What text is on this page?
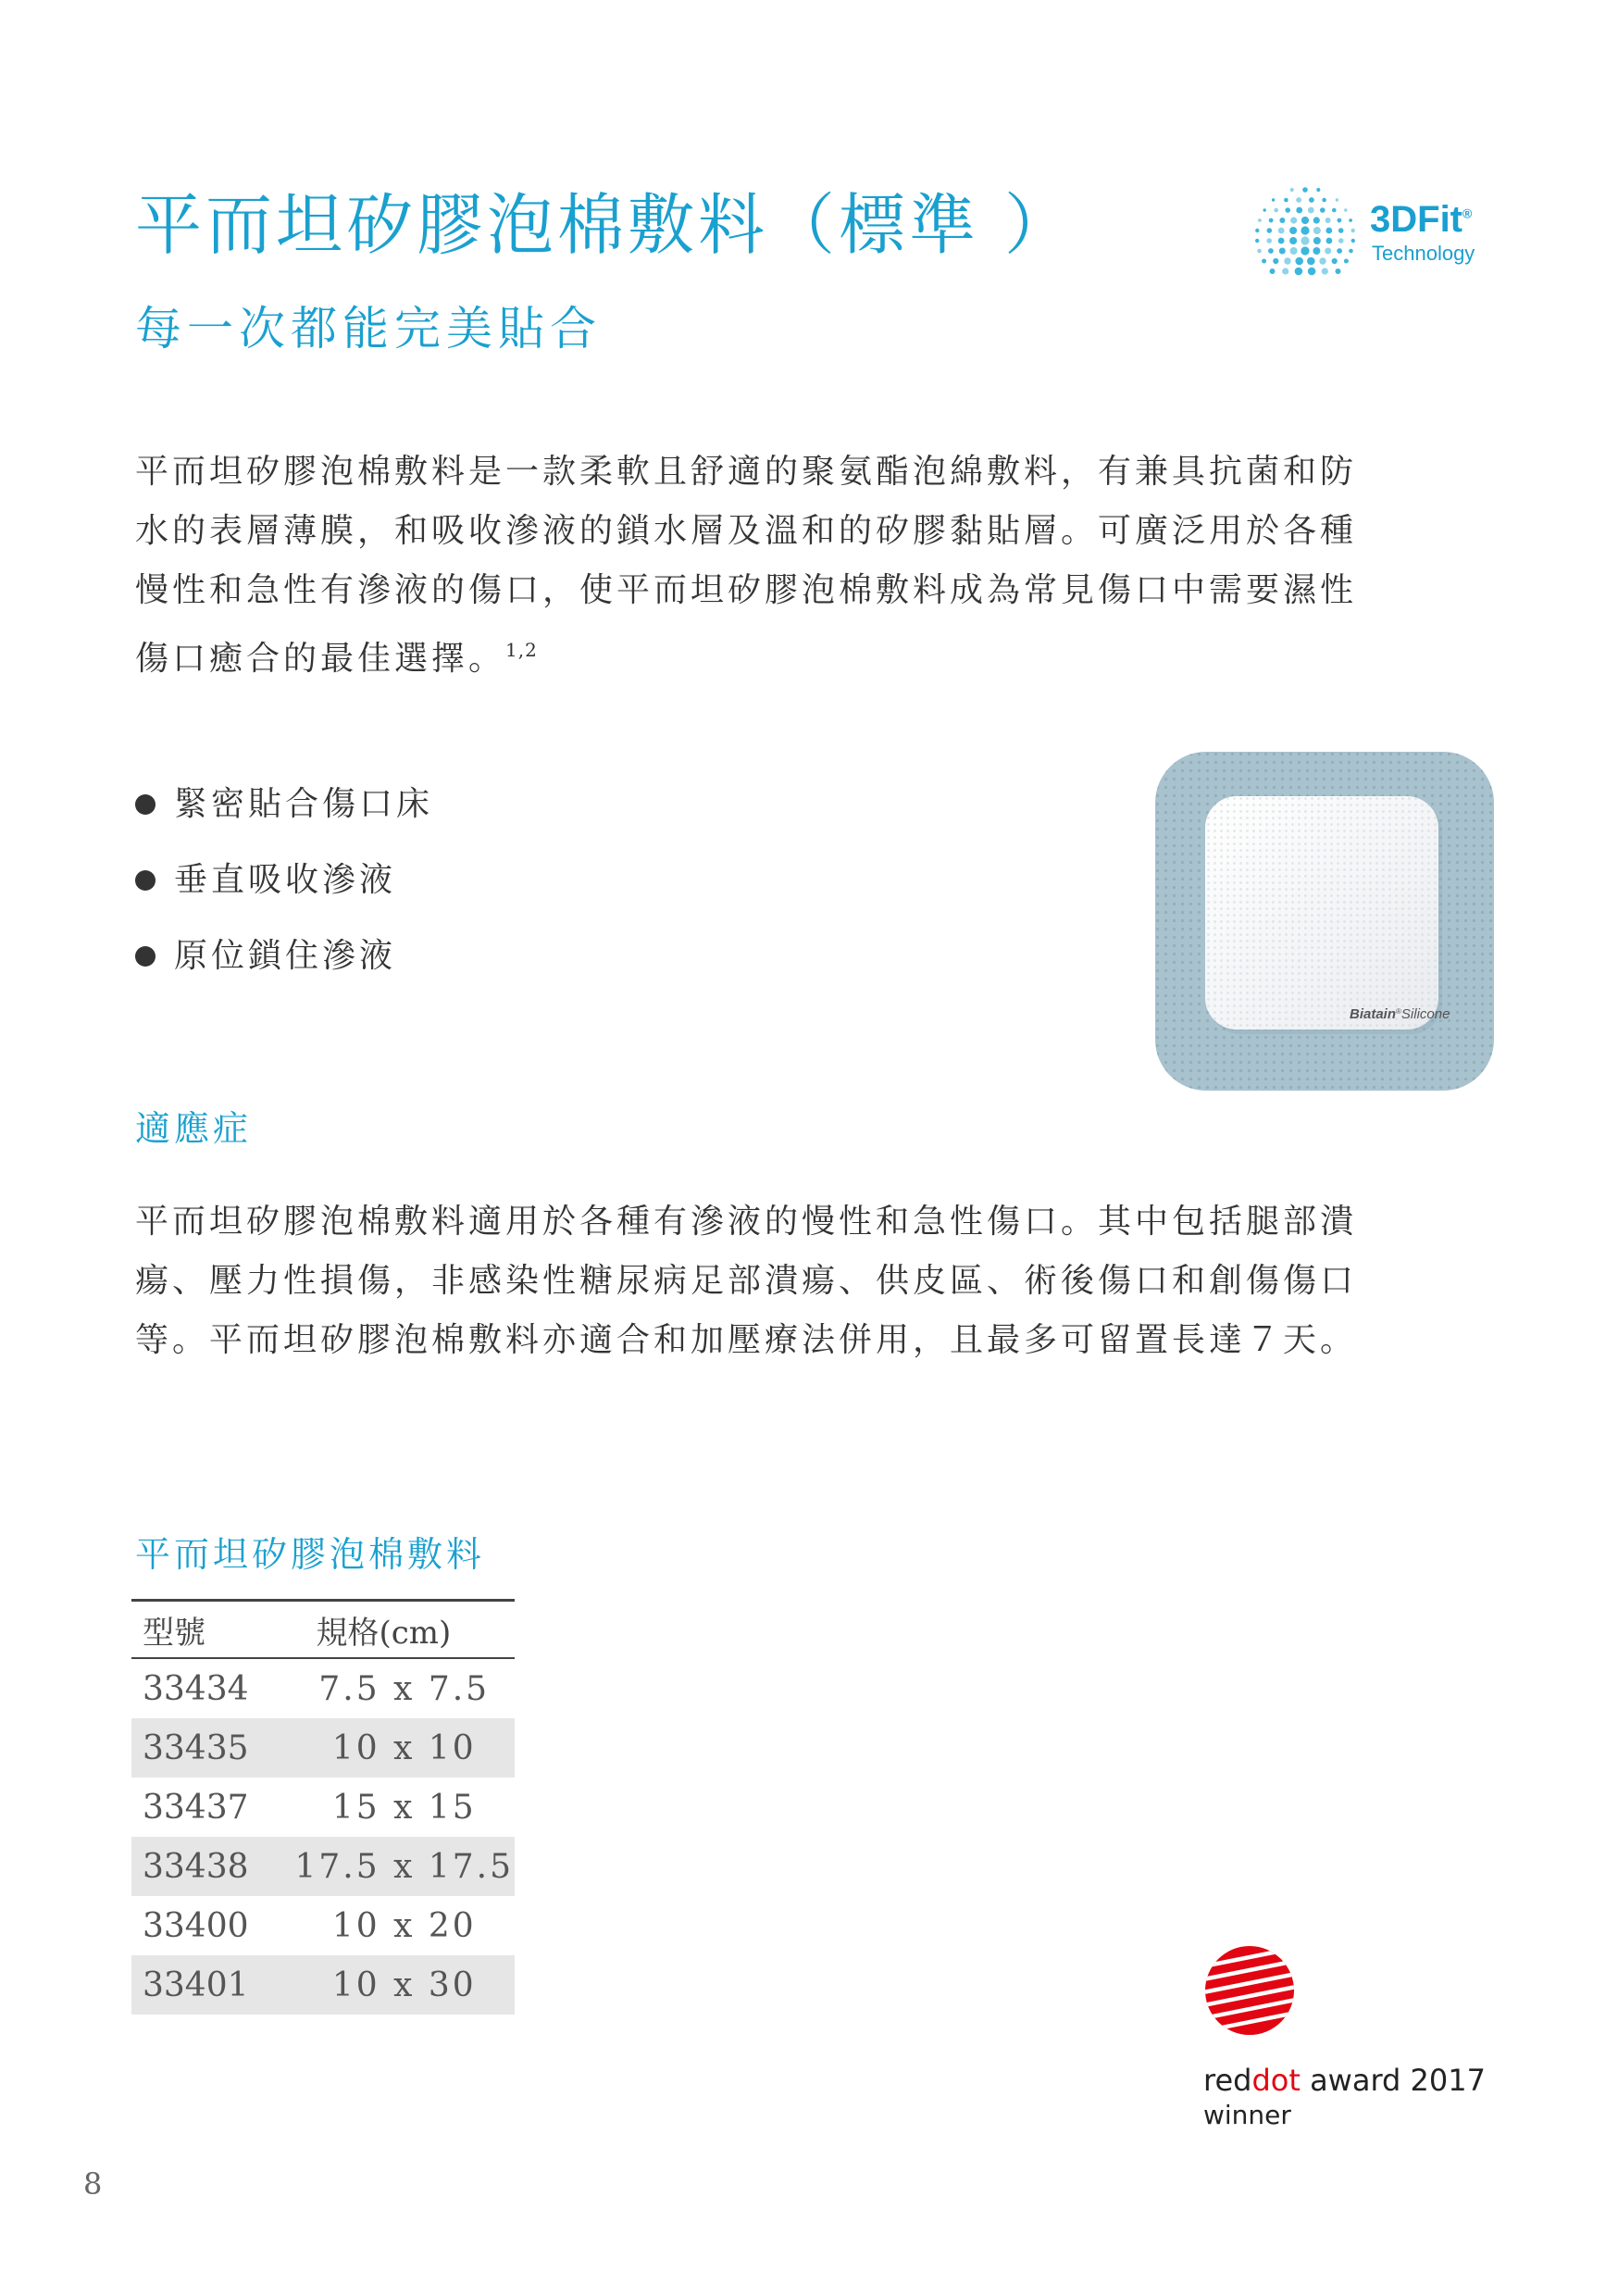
平而坦矽膠泡棉敷料（標準 ）
每一次都能完美貼合
3DFit®
Technology

平而坦矽膠泡棉敷料是一款柔軟且舒適的聚氨酯泡綿敷料，有兼具抗菌和防

水的表層薄膜，和吸收滲液的鎖水層及溫和的矽膠黏貼層。可廣泛用於各種

慢性和急性有滲液的傷口，使平而坦矽膠泡棉敷料成為常見傷口中需要濕性

傷口癒合的最佳選擇。$^{1,2}$

緊密貼合傷口床
垂直吸收滲液
原位鎖住滲液
Biatain®Silicone
適應症

平而坦矽膠泡棉敷料適用於各種有滲液的慢性和急性傷口。其中包括腿部潰

瘍、壓力性損傷，非感染性糖尿病足部潰瘍、供皮區、術後傷口和創傷傷口

等。平而坦矽膠泡棉敷料亦適合和加壓療法併用，且最多可留置長達７天。

平而坦矽膠泡棉敷料
型號	規格(cm)
33434	7.5 x 7.5
33435	10 x 10
33437	15 x 15
33438	17.5 x 17.5
33400	10 x 20
33401	10 x 30
reddot award 2017
winner
8
